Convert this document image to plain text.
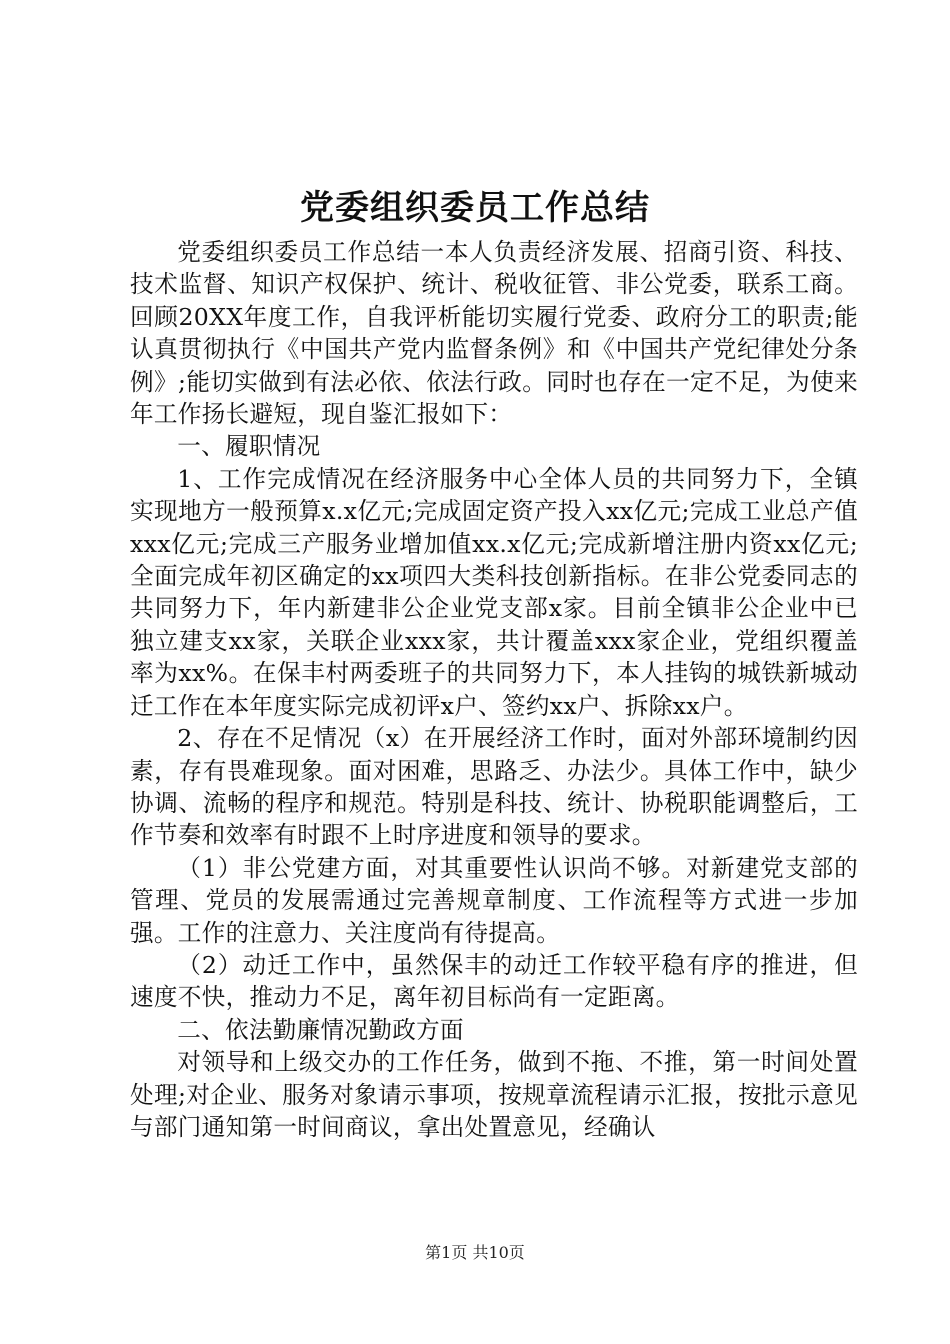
党委组织委员工作总结

党委组织委员工作总结一本人负责经济发展、招商引资、科技、技术监督、知识产权保护、统计、税收征管、非公党委，联系工商。回顾20XX年度工作，自我评析能切实履行党委、政府分工的职责;能认真贯彻执行《中国共产党内监督条例》和《中国共产党纪律处分条例》;能切实做到有法必依、依法行政。同时也存在一定不足，为使来年工作扬长避短，现自鉴汇报如下：

一、履职情况

1、工作完成情况在经济服务中心全体人员的共同努力下，全镇实现地方一般预算x.x亿元;完成固定资产投入xx亿元;完成工业总产值xxx亿元;完成三产服务业增加值xx.x亿元;完成新增注册内资xx亿元;全面完成年初区确定的xx项四大类科技创新指标。在非公党委同志的共同努力下，年内新建非公企业党支部x家。目前全镇非公企业中已独立建支xx家，关联企业xxx家，共计覆盖xxx家企业，党组织覆盖率为xx%。在保丰村两委班子的共同努力下，本人挂钩的城铁新城动迁工作在本年度实际完成初评x户、签约xx户、拆除xx户。

2、存在不足情况（x）在开展经济工作时，面对外部环境制约因素，存有畏难现象。面对困难，思路乏、办法少。具体工作中，缺少协调、流畅的程序和规范。特别是科技、统计、协税职能调整后，工作节奏和效率有时跟不上时序进度和领导的要求。

（1）非公党建方面，对其重要性认识尚不够。对新建党支部的管理、党员的发展需通过完善规章制度、工作流程等方式进一步加强。工作的注意力、关注度尚有待提高。

（2）动迁工作中，虽然保丰的动迁工作较平稳有序的推进，但速度不快，推动力不足，离年初目标尚有一定距离。

二、依法勤廉情况勤政方面

对领导和上级交办的工作任务，做到不拖、不推，第一时间处置处理;对企业、服务对象请示事项，按规章流程请示汇报，按批示意见与部门通知第一时间商议，拿出处置意见，经确认

第1页 共10页
